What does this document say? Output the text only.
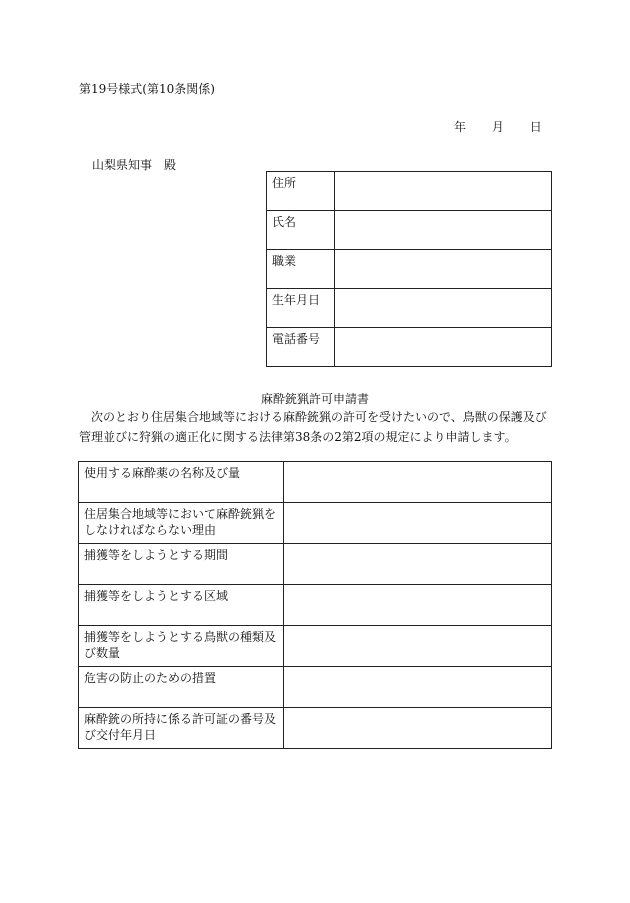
第19号様式(第10条関係)
年 月 日
山梨県知事　殿
住所	
氏名	
職業	
生年月日	
電話番号	
麻酔銃猟許可申請書
次のとおり住居集合地域等における麻酔銃猟の許可を受けたいので、鳥獣の保護及び管理並びに狩猟の適正化に関する法律第38条の2第2項の規定により申請します。
使用する麻酔薬の名称及び量	
住居集合地域等において麻酔銃猟をしなければならない理由	
捕獲等をしようとする期間	
捕獲等をしようとする区域	
捕獲等をしようとする鳥獣の種類及び数量	
危害の防止のための措置	
麻酔銃の所持に係る許可証の番号及び交付年月日	
